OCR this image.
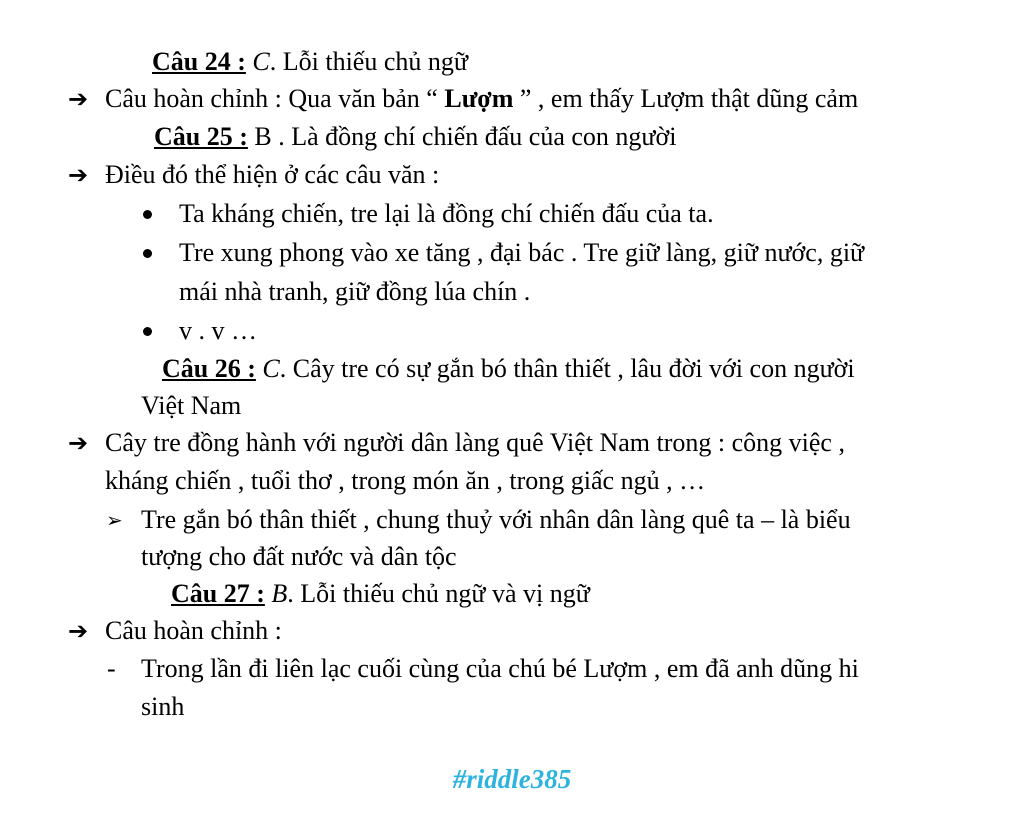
Câu 24 : C. Lỗi thiếu chủ ngữ
➔ Câu hoàn chỉnh : Qua văn bản “ Lượm ” , em thấy Lượm thật dũng cảm
Câu 25 : B . Là đồng chí chiến đấu của con người
➔ Điều đó thể hiện ở các câu văn :
Ta kháng chiến, tre lại là đồng chí chiến đấu của ta.
Tre xung phong vào xe tăng , đại bác . Tre giữ làng, giữ nước, giữ
mái nhà tranh, giữ đồng lúa chín .
v . v …
Câu 26 : C. Cây tre có sự gắn bó thân thiết , lâu đời với con người
Việt Nam
➔ Cây tre đồng hành với người dân làng quê Việt Nam trong : công việc ,
kháng chiến , tuổi thơ , trong món ăn , trong giấc ngủ , …
➢ Tre gắn bó thân thiết , chung thuỷ với nhân dân làng quê ta – là biểu
tượng cho đất nước và dân tộc
Câu 27 : B. Lỗi thiếu chủ ngữ và vị ngữ
➔ Câu hoàn chỉnh :
- Trong lần đi liên lạc cuối cùng của chú bé Lượm , em đã anh dũng hi
sinh
#riddle385
